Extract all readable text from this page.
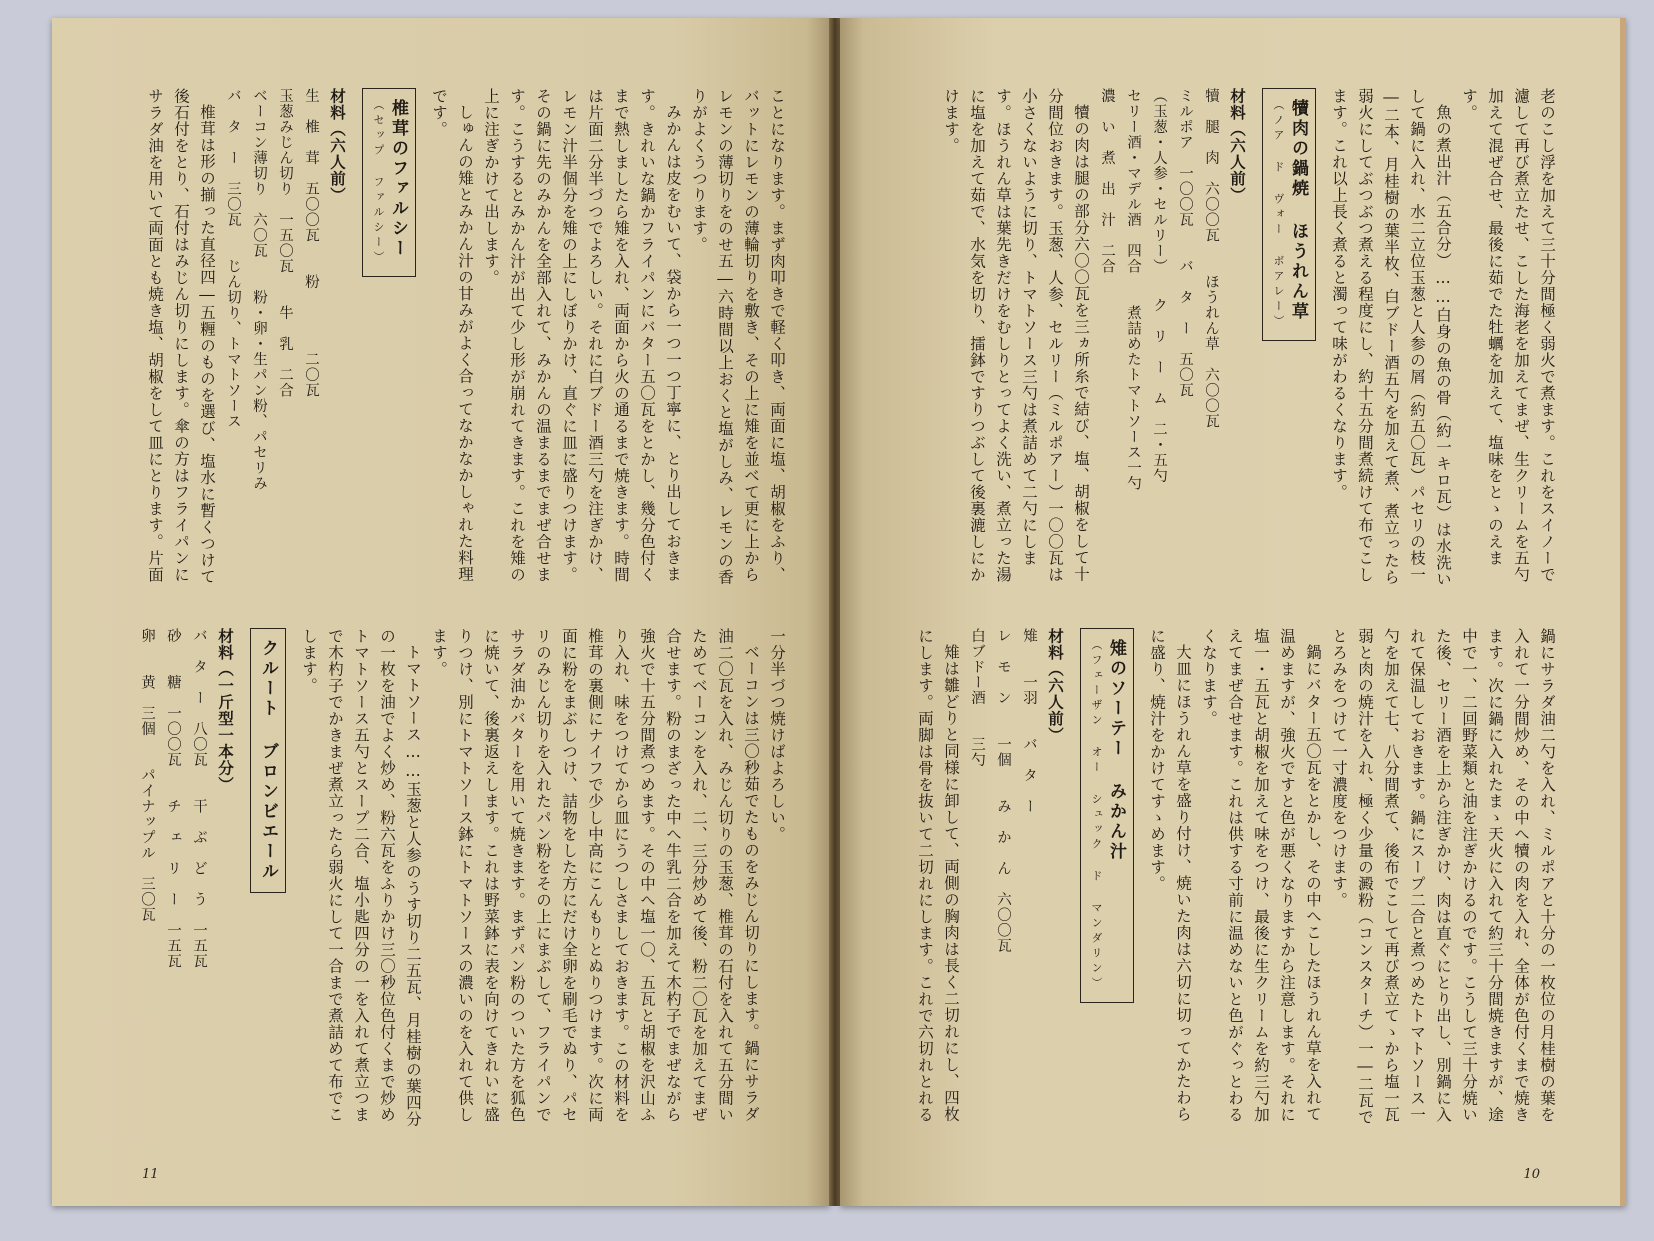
ことになります。まず肉叩きで軽く叩き、両面に塩、胡椒をふり、バットにレモンの薄輪切りを敷き、その上に雉を並べて更に上からレモンの薄切りをのせ五―六時間以上おくと塩がしみ、レモンの香りがよくうつります。

みかんは皮をむいて、袋から一つ一つ丁寧に、とり出しておきます。きれいな鍋かフライパンにバター五〇瓦をとかし、幾分色付くまで熱しましたら雉を入れ、両面から火の通るまで焼きます。時間は片面二分半づつでよろしい。それに白ブドー酒三勺を注ぎかけ、レモン汁半個分を雉の上にしぼりかけ、直ぐに皿に盛りつけます。その鍋に先のみかんを全部入れて、みかんの温まるまでまぜ合せます。こうするとみかん汁が出て少し形が崩れてきます。これを雉の上に注ぎかけて出します。

しゅんの雉とみかん汁の甘みがよく合ってなかなかしゃれた料理です。

椎茸のファルシー
（セップ ファルシー）

材料（六人前）

生　椎　茸　五〇〇瓦　　粉　　　　二〇瓦

玉葱みじん切り　一五〇瓦　　牛　乳　二合

ベーコン薄切り　六〇瓦　　粉・卵・生パン粉、パセリみ

バ　タ　ー　三〇瓦　　じん切り、トマトソース

椎茸は形の揃った直径四―五糎のものを選び、塩水に暫くつけて後石付をとり、石付はみじん切りにします。傘の方はフライパンにサラダ油を用いて両面とも焼き塩、胡椒をして皿にとります。片面

一分半づつ焼けばよろしい。

ベーコンは三〇秒茹でたものをみじん切りにします。鍋にサラダ油二〇瓦を入れ、みじん切りの玉葱、椎茸の石付を入れて五分間いためてベーコンを入れ、二、三分炒めて後、粉二〇瓦を加えてまぜ合せます。粉のまざった中へ牛乳二合を加えて木杓子でまぜながら強火で十五分間煮つめます。その中へ塩一〇、五瓦と胡椒を沢山ふり入れ、味をつけてから皿にうつしさましておきます。この材料を椎茸の裏側にナイフで少し中高にこんもりとぬりつけます。次に両面に粉をまぶしつけ、詰物をした方にだけ全卵を刷毛でぬり、パセリのみじん切りを入れたパン粉をその上にまぶして、フライパンでサラダ油かバターを用いて焼きます。まずパン粉のついた方を狐色に焼いて、後裏返えします。これは野菜鉢に表を向けてきれいに盛りつけ、別にトマトソース鉢にトマトソースの濃いのを入れて供します。

トマトソース……玉葱と人参のうす切り二五瓦、月桂樹の葉四分の一枚を油でよく炒め、粉六瓦をふりかけ三〇秒位色付くまで炒めトマトソース五勺とスープ二合、塩小匙四分の一を入れて煮立つまで木杓子でかきまぜ煮立ったら弱火にして一合まで煮詰めて布でこします。

クルート ブロンビエール

材料（一斤型一本分）

バ　タ　ー　八〇瓦　　干　ぶ　ど　う　一五瓦

砂　　糖　一〇〇瓦　　チ　ェ　リ　ー　一五瓦

卵　　黄　三個　　パイナップル　三〇瓦

11

老のこし浮を加えて三十分間極く弱火で煮ます。これをスイノーで濾して再び煮立たせ、こした海老を加えてまぜ、生クリームを五勺加えて混ぜ合せ、最後に茹でた牡蠣を加えて、塩味をとゝのえます。

魚の煮出汁（五合分）……白身の魚の骨（約一キロ瓦）は水洗いして鍋に入れ、水二立位玉葱と人参の屑（約五〇瓦）パセリの枝一―二本、月桂樹の葉半枚、白ブドー酒五勺を加えて煮、煮立ったら弱火にしてぶつぶつ煮える程度にし、約十五分間煮続けて布でこします。これ以上長く煮ると濁って味がわるくなります。

犢肉の鍋焼 ほうれん草
（ノア ド ヴォー ボアレー）

材料（六人前）

犢　腿　肉　六〇〇瓦　　ほうれん草　六〇〇瓦

ミルポア　一〇〇瓦　　バ　タ　ー　五〇瓦

（玉葱・人参・セルリー）　　ク　リ　ー　ム　二・五勺

セリー酒・マデル酒　四合　　煮詰めたトマトソース一勺

濃　い　煮　出　汁　二合

犢の肉は腿の部分六〇〇瓦を三ヵ所糸で結び、塩、胡椒をして十分間位おきます。玉葱、人参、セルリー（ミルポアー）一〇〇瓦は小さくないように切り、トマトソース三勺は煮詰めて二勺にします。ほうれん草は葉先きだけをむしりとってよく洗い、煮立った湯に塩を加えて茹で、水気を切り、擂鉢ですりつぶして後裏漉しにかけます。

鍋にサラダ油二勺を入れ、ミルポアと十分の一枚位の月桂樹の葉を入れて一分間炒め、その中へ犢の肉を入れ、全体が色付くまで焼きます。次に鍋に入れたまゝ天火に入れて約三十分間焼きますが、途中で一、二回野菜類と油を注ぎかけるのです。こうして三十分焼いた後、セリー酒を上から注ぎかけ、肉は直ぐにとり出し、別鍋に入れて保温しておきます。鍋にスープ二合と煮つめたトマトソース一勺を加えて七、八分間煮て、後布でこして再び煮立てゝから塩一瓦弱と肉の焼汁を入れ、極く少量の澱粉（コンスターチ）一―二瓦でとろみをつけて一寸濃度をつけます。

鍋にバター五〇瓦をとかし、その中へこしたほうれん草を入れて温めますが、強火ですと色が悪くなりますから注意します。それに塩一・五瓦と胡椒を加えて味をつけ、最後に生クリームを約三勺加えてまぜ合せます。これは供する寸前に温めないと色がぐっとわるくなります。

大皿にほうれん草を盛り付け、焼いた肉は六切に切ってかたわらに盛り、焼汁をかけてすゝめます。

雉のソーテー みかん汁
（フェーザン オー シュック ド マンダリン）

材料（六人前）

雉　　一羽　　バ　タ　ー

レ　モ　ン　　一個　　み　か　ん　六〇〇瓦

白ブドー酒　　三勺

雉は雛どりと同様に卸して、両側の胸肉は長く二切れにし、四枚にします。両脚は骨を抜いて二切れにします。これで六切れとれる

10
